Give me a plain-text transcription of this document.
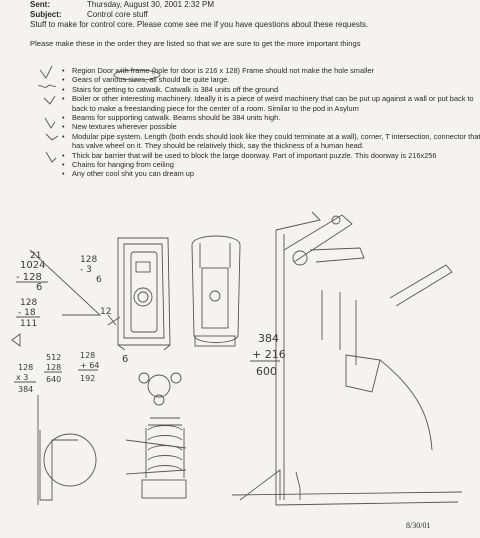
Sent:	Thursday, August 30, 2001 2:32 PM
Subject:	Control core stuff
Stuff to make for control core. Please come see me if you have questions about these requests.
Please make these in the order they are listed so that we are sure to get the more important things
• Region Door with frame (hole for door is 216 x 128) Frame should not make the hole smaller
• Gears of various sizes, all should be quite large.
• Stairs for getting to catwalk. Catwalk is 384 units off the ground
• Boiler or other interesting machinery. Ideally it is a piece of weird machinery that can be put up against a wall or put back to back to make a freestanding piece for the center of a room. Similar to the pod in Asylum
• Beams for supporting catwalk. Beams should be 384 units high.
• New textures wherever possible
• Modular pipe system. Length (both ends should look like they could terminate at a wall), corner, T intersection, connector that has valve wheel on it. They should be relatively thick, say the thickness of a human head.
• Thick bar barrier that will be used to block the large doorway. Part of important puzzle. This doorway is 216x256
• Chains for hanging from ceiling
• Any other cool shit you can dream up
1024
- 128
6
21	128
- 3
6
12
128
- 18
111
128
x 3
384
512
128
640
128
+ 64
192
6
384
+ 216
600
8/30/01
